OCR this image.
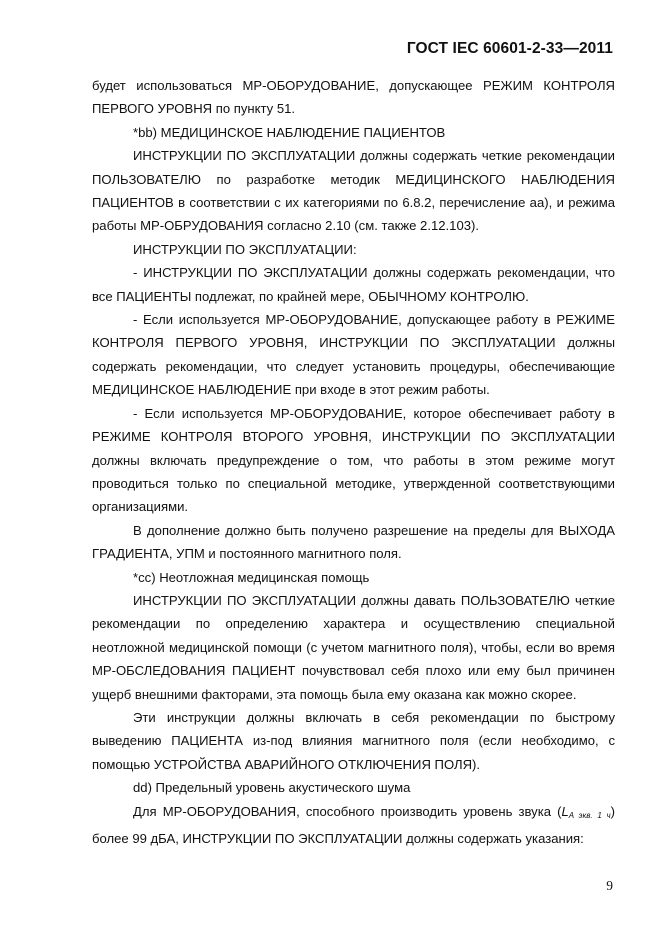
ГОСТ IEC 60601-2-33—2011

будет использоваться МР-ОБОРУДОВАНИЕ, допускающее РЕЖИМ КОНТРОЛЯ ПЕРВОГО УРОВНЯ по пункту 51.

*bb) МЕДИЦИНСКОЕ НАБЛЮДЕНИЕ ПАЦИЕНТОВ

ИНСТРУКЦИИ ПО ЭКСПЛУАТАЦИИ должны содержать четкие рекомендации ПОЛЬЗОВАТЕЛЮ по разработке методик МЕДИЦИНСКОГО НАБЛЮДЕНИЯ ПАЦИЕНТОВ в соответствии с их категориями по 6.8.2, перечисление аа), и режима работы МР-ОБРУДОВАНИЯ согласно 2.10 (см. также 2.12.103).

ИНСТРУКЦИИ ПО ЭКСПЛУАТАЦИИ:

- ИНСТРУКЦИИ ПО ЭКСПЛУАТАЦИИ должны содержать рекомендации, что все ПАЦИЕНТЫ подлежат, по крайней мере, ОБЫЧНОМУ КОНТРОЛЮ.

- Если используется МР-ОБОРУДОВАНИЕ, допускающее работу в РЕЖИМЕ КОНТРОЛЯ ПЕРВОГО УРОВНЯ, ИНСТРУКЦИИ ПО ЭКСПЛУАТАЦИИ должны содержать рекомендации, что следует установить процедуры, обеспечивающие МЕДИЦИНСКОЕ НАБЛЮДЕНИЕ при входе в этот режим работы.

- Если используется МР-ОБОРУДОВАНИЕ, которое обеспечивает работу в РЕЖИМЕ КОНТРОЛЯ ВТОРОГО УРОВНЯ, ИНСТРУКЦИИ ПО ЭКСПЛУАТАЦИИ должны включать предупреждение о том, что работы в этом режиме могут проводиться только по специальной методике, утвержденной соответствующими организациями.

В дополнение должно быть получено разрешение на пределы для ВЫХОДА ГРАДИЕНТА, УПМ и постоянного магнитного поля.

*cc) Неотложная медицинская помощь

ИНСТРУКЦИИ ПО ЭКСПЛУАТАЦИИ должны давать ПОЛЬЗОВАТЕЛЮ четкие рекомендации по определению характера и осуществлению специальной неотложной медицинской помощи (с учетом магнитного поля), чтобы, если во время МР-ОБСЛЕДОВАНИЯ ПАЦИЕНТ почувствовал себя плохо или ему был причинен ущерб внешними факторами, эта помощь была ему оказана как можно скорее.

Эти инструкции должны включать в себя рекомендации по быстрому выведению ПАЦИЕНТА из-под влияния магнитного поля (если необходимо, с помощью УСТРОЙСТВА АВАРИЙНОГО ОТКЛЮЧЕНИЯ ПОЛЯ).

dd) Предельный уровень акустического шума

Для МР-ОБОРУДОВАНИЯ, способного производить уровень звука $(L_{A экв. 1 ч})$ более 99 дБА, ИНСТРУКЦИИ ПО ЭКСПЛУАТАЦИИ должны содержать указания:

9
